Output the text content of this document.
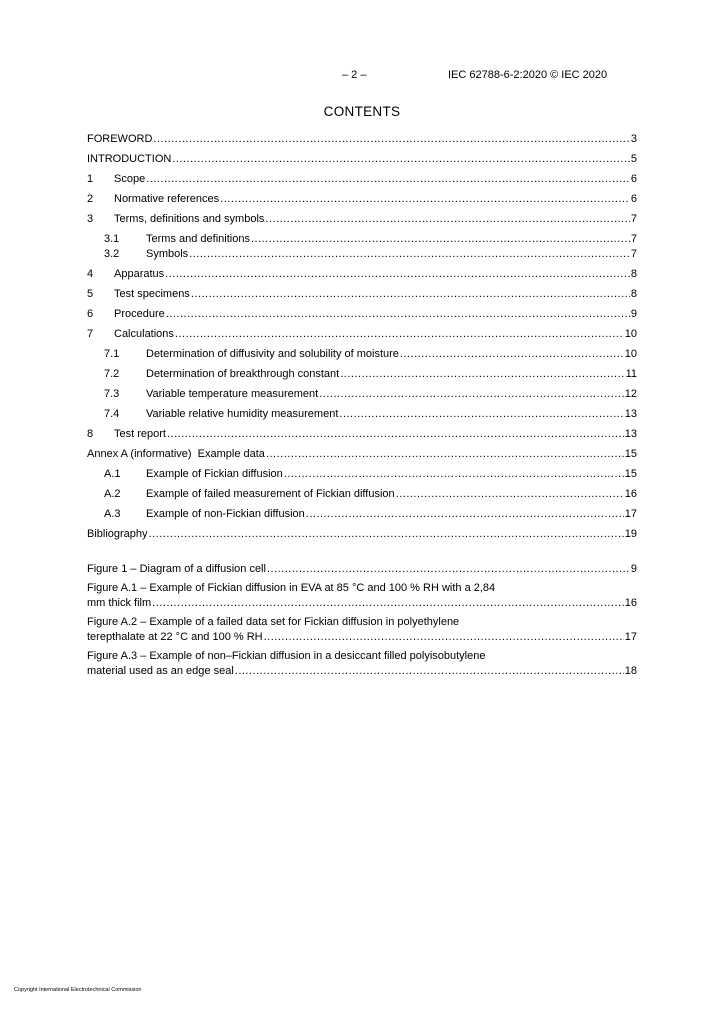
– 2 –	IEC 62788-6-2:2020 © IEC 2020
CONTENTS
FOREWORD .....	3
INTRODUCTION .....	5
1	Scope .....	6
2	Normative references .....	6
3	Terms, definitions and symbols .....	7
3.1	Terms and definitions .....	7
3.2	Symbols .....	7
4	Apparatus .....	8
5	Test specimens .....	8
6	Procedure .....	9
7	Calculations .....	10
7.1	Determination of diffusivity and solubility of moisture .....	10
7.2	Determination of breakthrough constant .....	11
7.3	Variable temperature measurement .....	12
7.4	Variable relative humidity measurement .....	13
8	Test report .....	13
Annex A (informative)  Example data .....	15
A.1	Example of Fickian diffusion .....	15
A.2	Example of failed measurement of Fickian diffusion .....	16
A.3	Example of non-Fickian diffusion .....	17
Bibliography .....	19
Figure 1 – Diagram of a diffusion cell .....	9
Figure A.1 – Example of Fickian diffusion in EVA at 85 °C and 100 % RH with a 2,84
mm thick film .....	16
Figure A.2 – Example of a failed data set for Fickian diffusion in polyethylene
terepthalate at 22 °C and 100 % RH .....	17
Figure A.3 – Example of non–Fickian diffusion in a desiccant filled polyisobutylene
material used as an edge seal .....	18
Copyright International Electrotechnical Commission
